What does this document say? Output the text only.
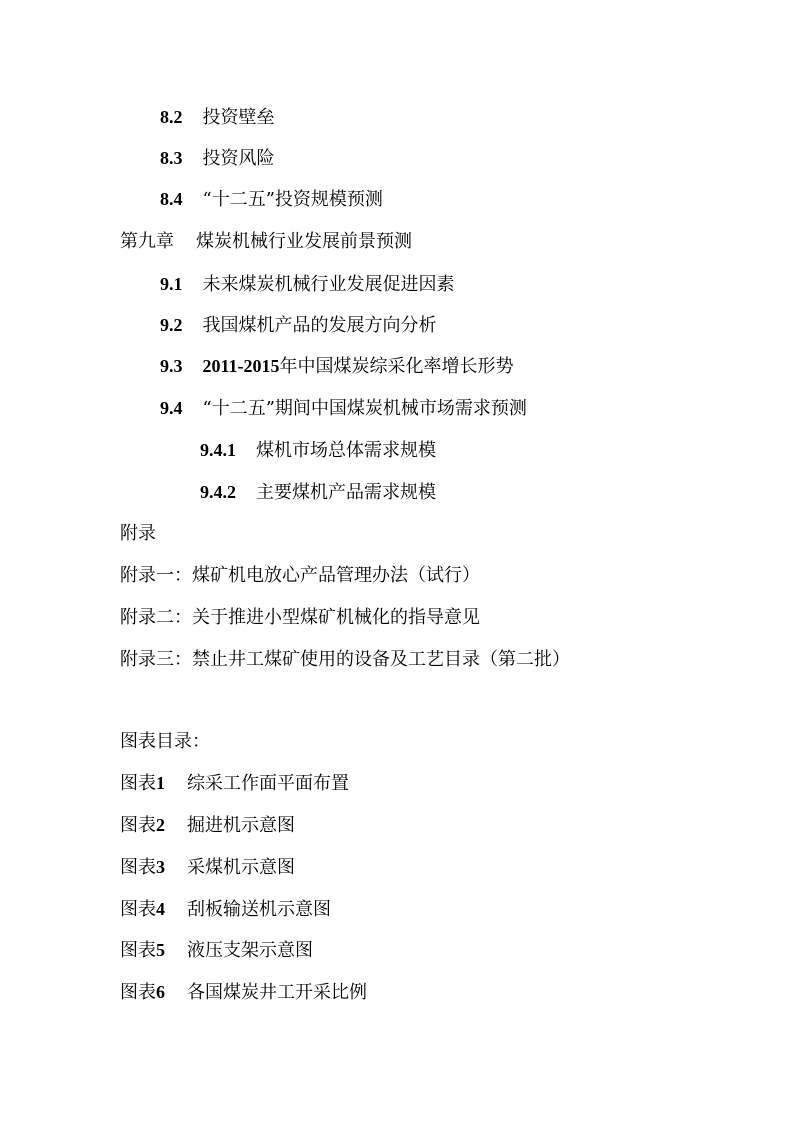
8.2 投资壁垒
8.3 投资风险
8.4 “十二五”投资规模预测
第九章 煤炭机械行业发展前景预测
9.1 未来煤炭机械行业发展促进因素
9.2 我国煤机产品的发展方向分析
9.3 2011-2015年中国煤炭综采化率增长形势
9.4 “十二五”期间中国煤炭机械市场需求预测
9.4.1 煤机市场总体需求规模
9.4.2 主要煤机产品需求规模
附录
附录一：煤矿机电放心产品管理办法（试行）
附录二：关于推进小型煤矿机械化的指导意见
附录三：禁止井工煤矿使用的设备及工艺目录（第二批）
图表目录：
图表1 综采工作面平面布置
图表2 掘进机示意图
图表3 采煤机示意图
图表4 刮板输送机示意图
图表5 液压支架示意图
图表6 各国煤炭井工开采比例
